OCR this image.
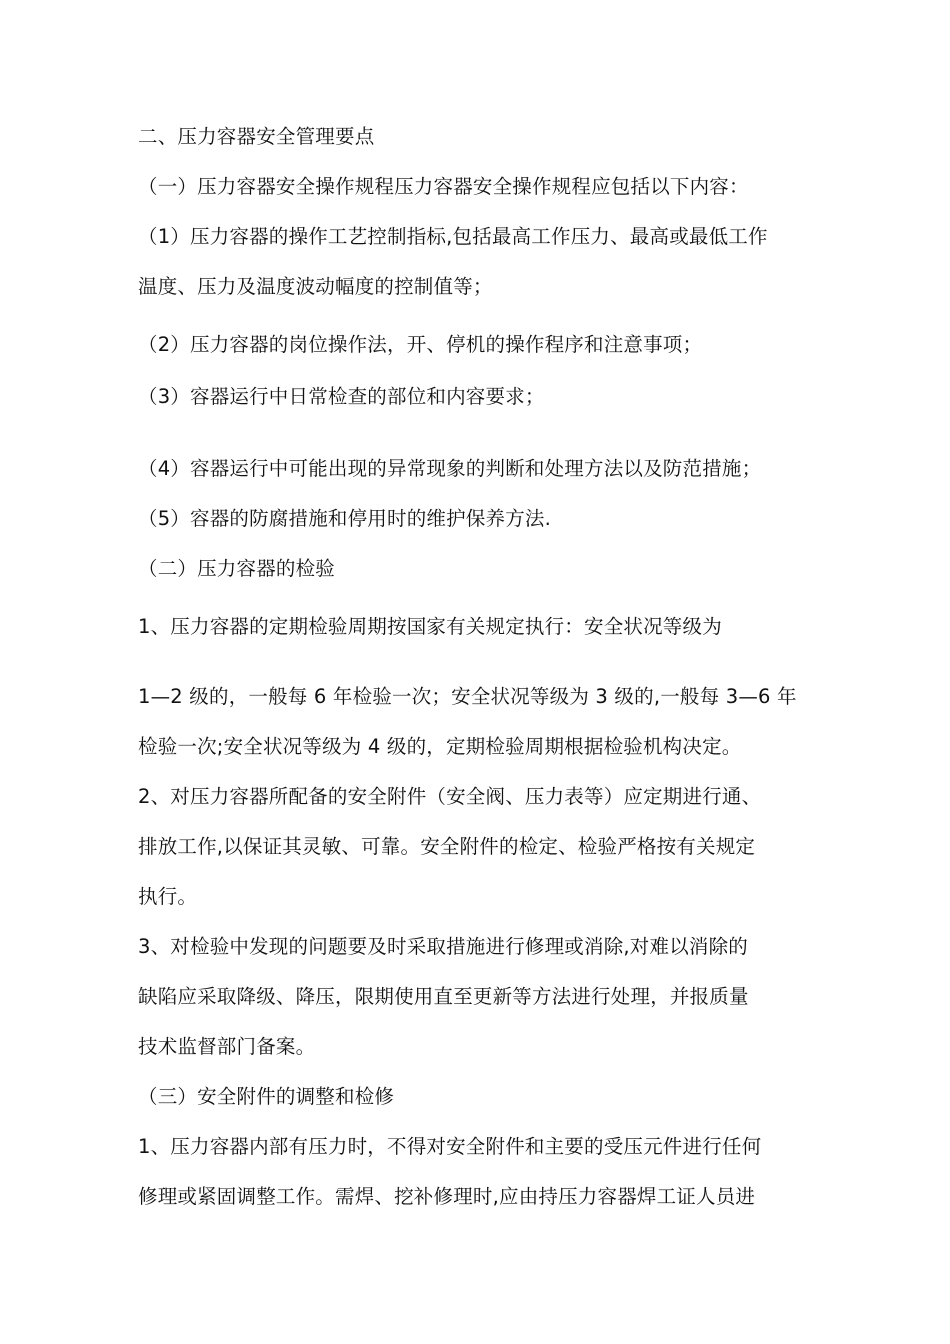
二、压力容器安全管理要点
（一）压力容器安全操作规程压力容器安全操作规程应包括以下内容：
（1）压力容器的操作工艺控制指标,包括最高工作压力、最高或最低工作
温度、压力及温度波动幅度的控制值等；
（2）压力容器的岗位操作法，开、停机的操作程序和注意事项；
（3）容器运行中日常检查的部位和内容要求；
（4）容器运行中可能出现的异常现象的判断和处理方法以及防范措施；
（5）容器的防腐措施和停用时的维护保养方法.
（二）压力容器的检验
1、压力容器的定期检验周期按国家有关规定执行：安全状况等级为
1—2 级的，一般每 6 年检验一次；安全状况等级为 3 级的,一般每 3—6 年
检验一次;安全状况等级为 4 级的，定期检验周期根据检验机构决定。
2、对压力容器所配备的安全附件（安全阀、压力表等）应定期进行通、
排放工作,以保证其灵敏、可靠。安全附件的检定、检验严格按有关规定
执行。
3、对检验中发现的问题要及时采取措施进行修理或消除,对难以消除的
缺陷应采取降级、降压，限期使用直至更新等方法进行处理，并报质量
技术监督部门备案。
（三）安全附件的调整和检修
1、压力容器内部有压力时，不得对安全附件和主要的受压元件进行任何
修理或紧固调整工作。需焊、挖补修理时,应由持压力容器焊工证人员进
